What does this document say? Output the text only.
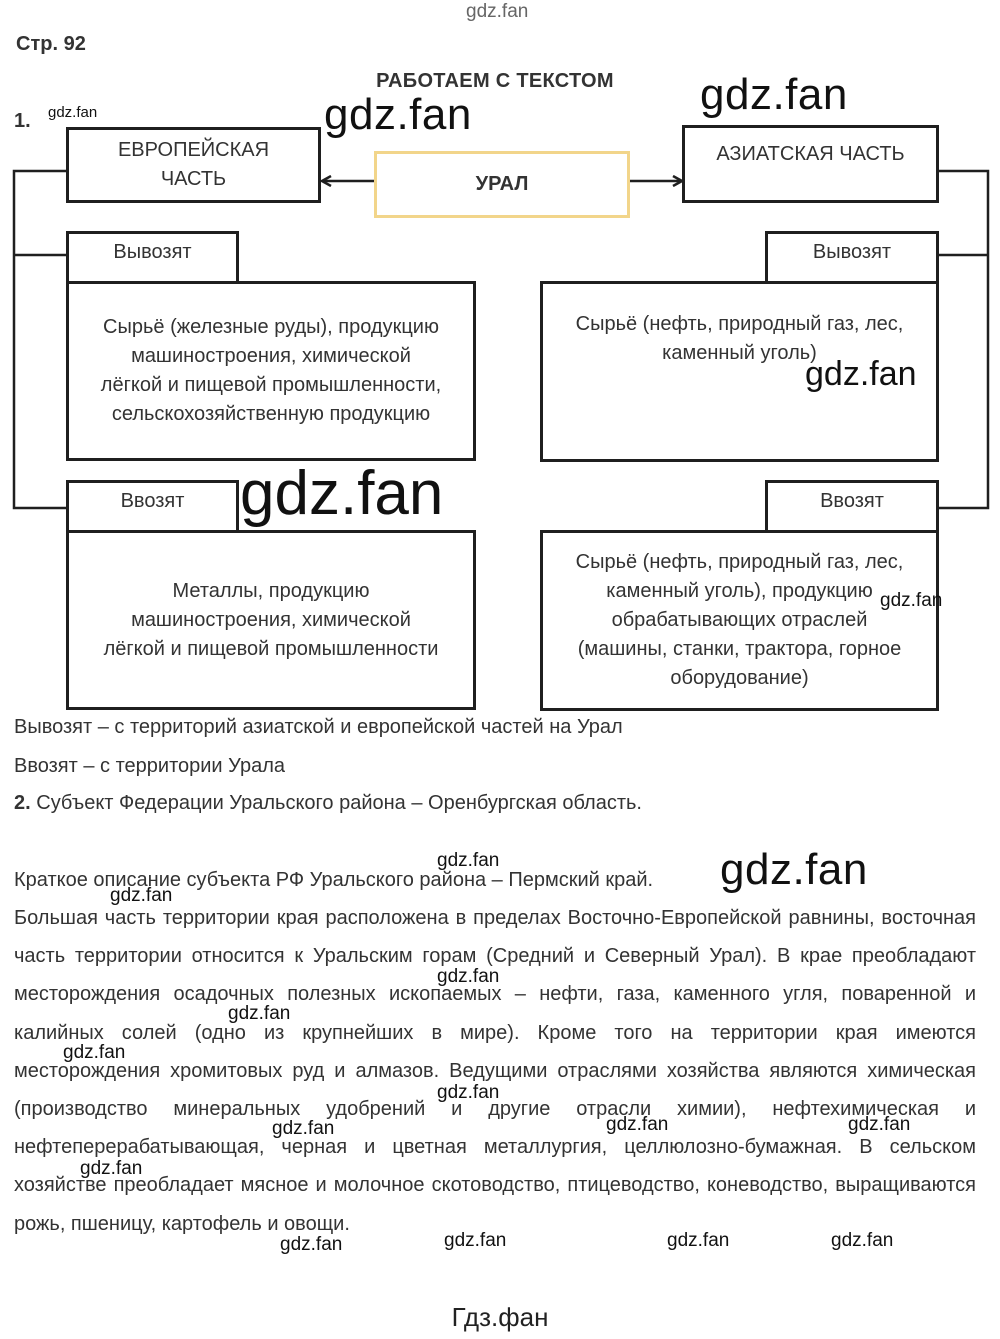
gdz.fan
Стр. 92
РАБОТАЕМ С ТЕКСТОМ
1. gdz.fan
ЕВРОПЕЙСКАЯ
ЧАСТЬ	УРАЛ
АЗИАТСКАЯ ЧАСТЬ
Вывозят
Сырьё (железные руды), продукцию
машиностроения, химической
лёгкой и пищевой промышленности,
сельскохозяйственную продукцию
Ввозят
Металлы, продукцию
машиностроения, химической
лёгкой и пищевой промышленности
Вывозят
Сырьё (нефть, природный газ, лес,
каменный уголь)
Ввозят
Сырьё (нефть, природный газ, лес,
каменный уголь), продукцию
обрабатывающих отраслей
(машины, станки, трактора, горное
оборудование)
Вывозят – с территорий азиатской и европейской частей на Урал
Ввозят – с территории Урала
2. Субъект Федерации Уральского района – Оренбургская область.
Краткое описание субъекта РФ Уральского района – Пермский край.
Большая часть территории края расположена в пределах Восточно-Европейской равнины, восточная часть территории относится к Уральским горам (Средний и Северный Урал). В крае преобладают месторождения осадочных полезных ископаемых – нефти, газа, каменного угля, поваренной и калийных солей (одно из крупнейших в мире). Кроме того на территории края имеются месторождения хромитовых руд и алмазов. Ведущими отраслями хозяйства являются химическая (производство минеральных удобрений и другие отрасли химии), нефтехимическая и нефтеперерабатывающая, черная и цветная металлургия, целлюлозно-бумажная. В сельском хозяйстве преобладает мясное и молочное скотоводство, птицеводство, коневодство, выращиваются рожь, пшеницу, картофель и овощи.
gdz.fan	gdz.fan
gdz.fan
gdz.fan
gdz.fan
gdz.fan
gdz.fan
gdz.fan
gdz.fan
gdz.fan
gdz.fan
gdz.fan
gdz.fan	gdz.fan	gdz.fan
gdz.fan
gdz.fan	gdz.fan	gdz.fan	gdz.fan
Гдз.фан
